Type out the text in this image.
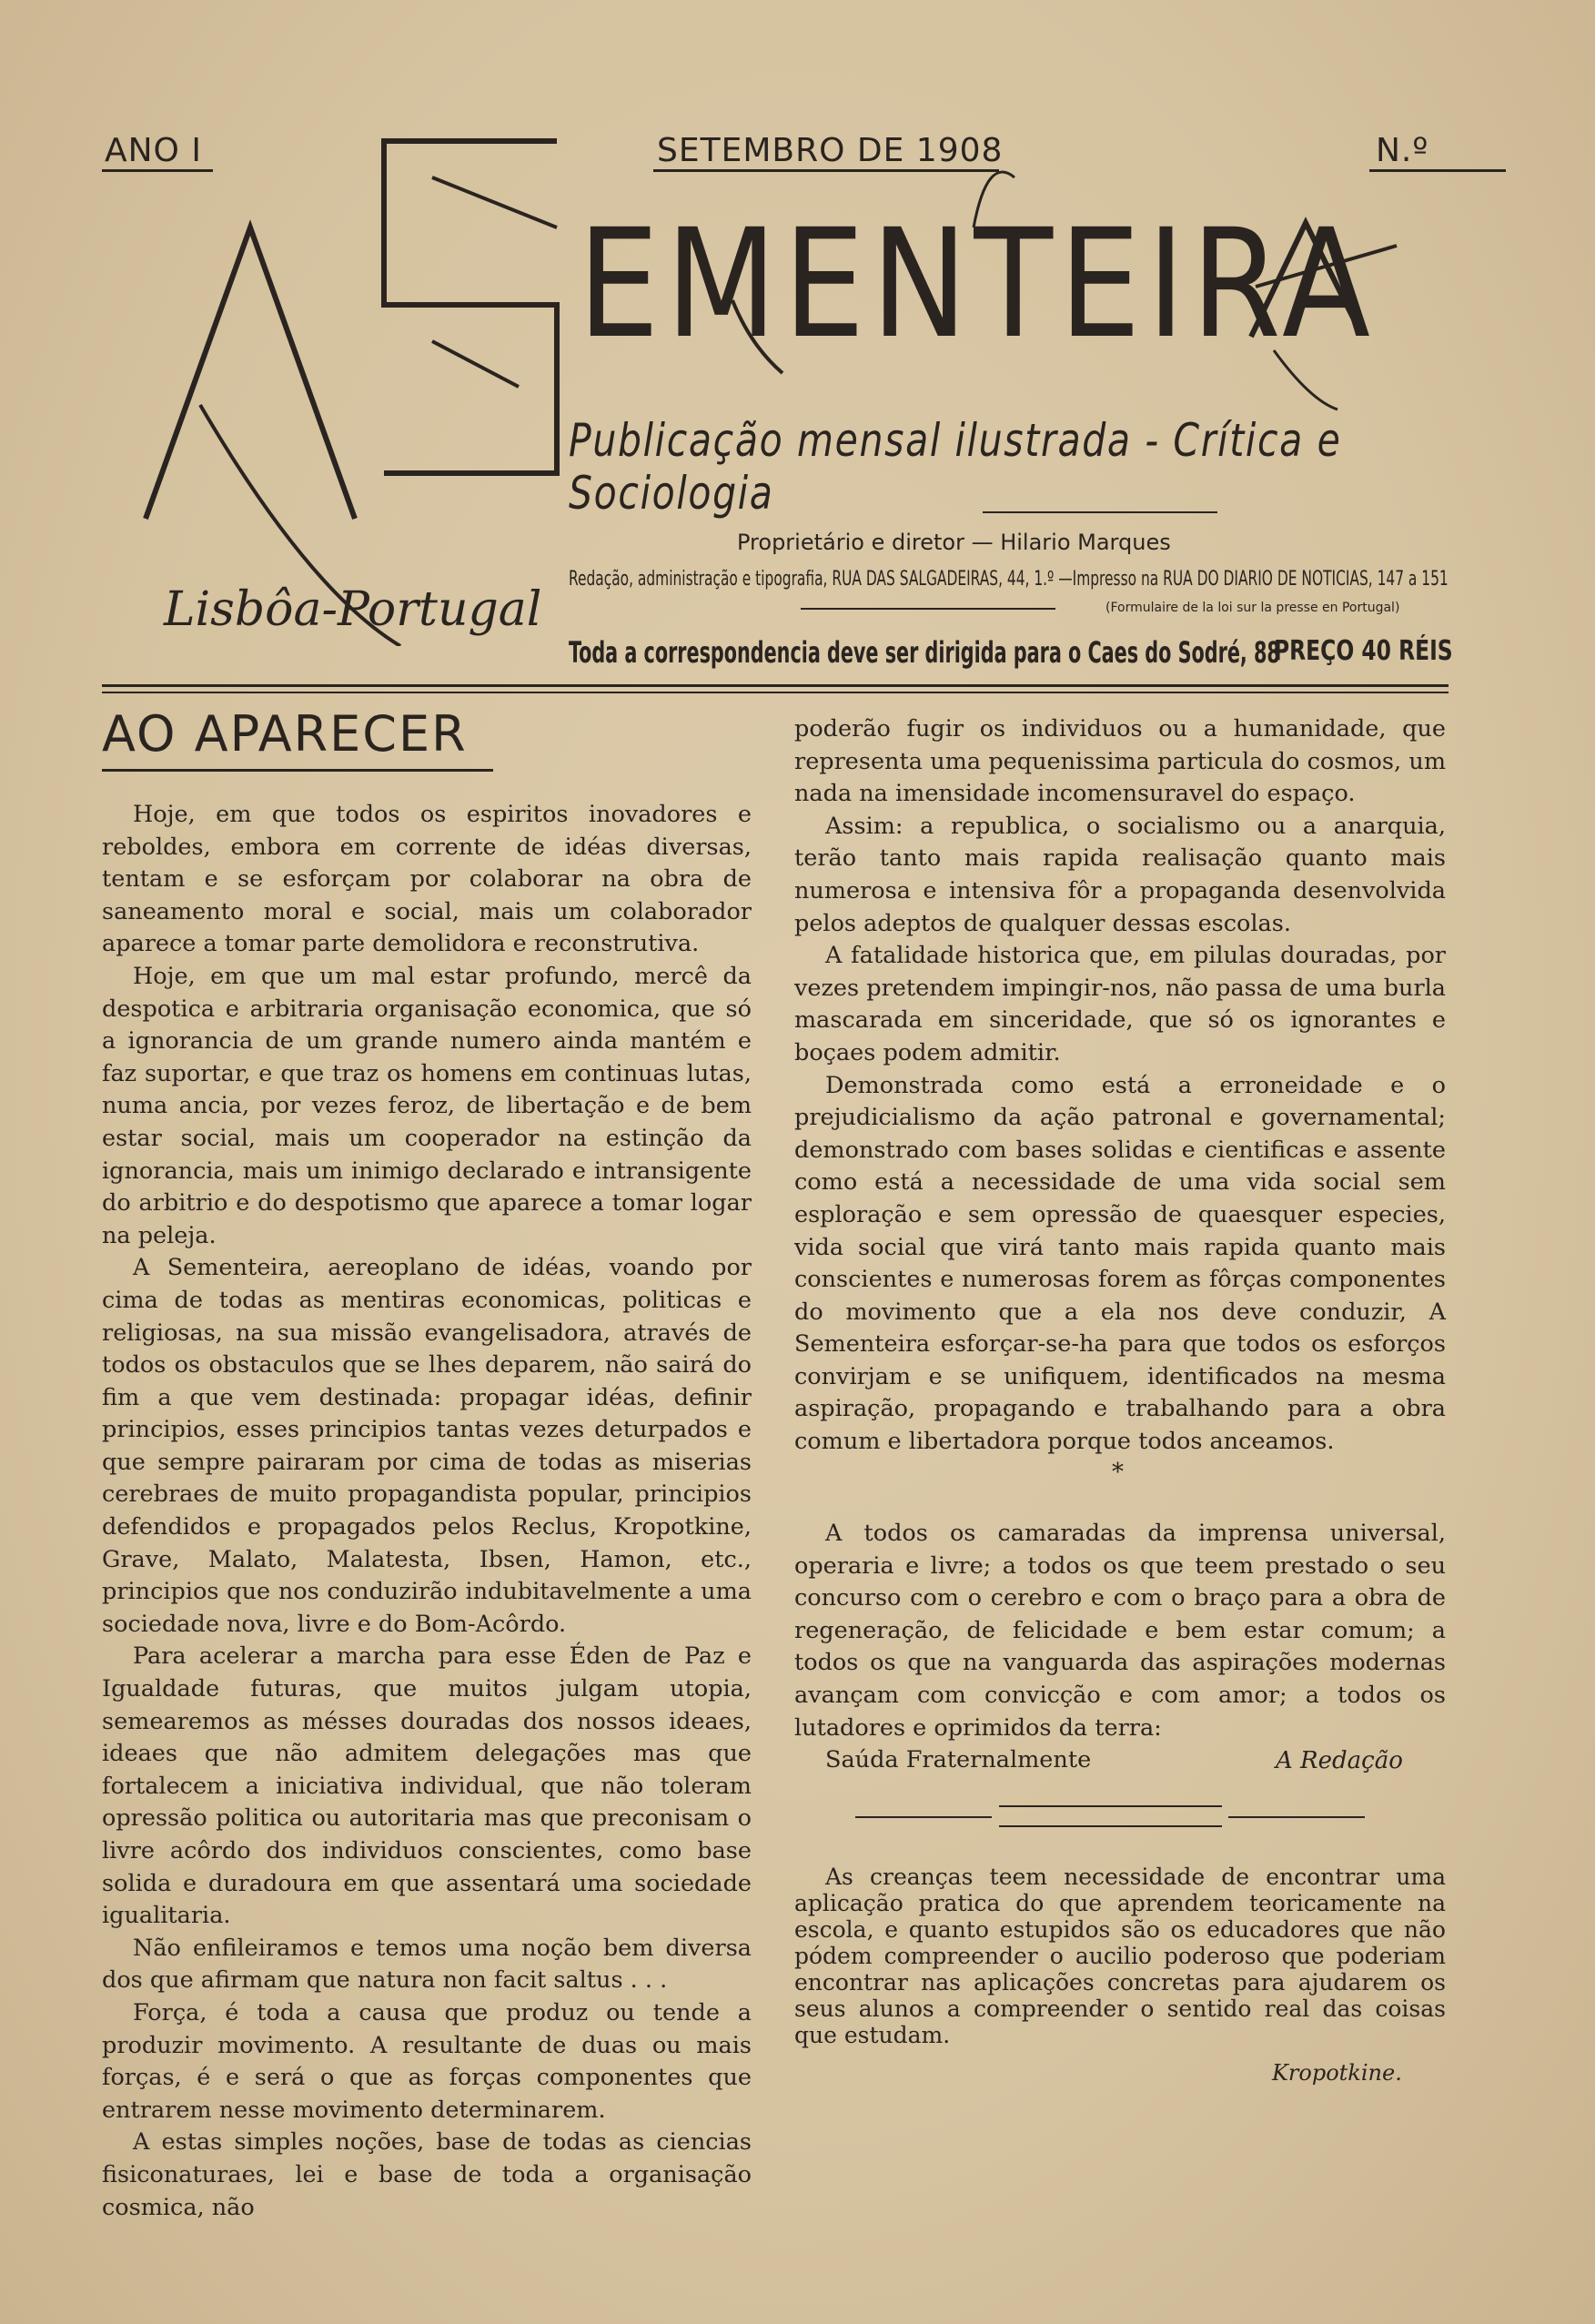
ANO I	SETEMBRO DE 1908	N.º
EMENTEIRA
Publicação mensal ilustrada - Crítica e Sociologia
Lisbôa-Portugal
Proprietário e diretor — Hilario Marques
Redação, administração e tipografia, RUA DAS SALGADEIRAS, 44, 1.º —Impresso na RUA DO DIARIO DE NOTICIAS, 147 a 151
(Formulaire de la loi sur la presse en Portugal)
Toda a correspondencia deve ser dirigida para o Caes do Sodré, 88
PREÇO 40 RÉIS
AO APARECER

Hoje, em que todos os espiritos inovadores e reboldes, embora em corrente de idéas diversas, tentam e se esforçam por colaborar na obra de saneamento moral e social, mais um colaborador aparece a tomar parte demolidora e reconstrutiva.

Hoje, em que um mal estar profundo, mercê da despotica e arbitraria organisação economica, que só a ignorancia de um grande numero ainda mantém e faz suportar, e que traz os homens em continuas lutas, numa ancia, por vezes feroz, de libertação e de bem estar social, mais um cooperador na estinção da ignorancia, mais um inimigo declarado e intransigente do arbitrio e do despotismo que aparece a tomar logar na peleja.

A Sementeira, aereoplano de idéas, voando por cima de todas as mentiras economicas, politicas e religiosas, na sua missão evangelisadora, através de todos os obstaculos que se lhes deparem, não sairá do fim a que vem destinada: propagar idéas, definir principios, esses principios tantas vezes deturpados e que sempre pairaram por cima de todas as miserias cerebraes de muito propagandista popular, principios defendidos e propagados pelos Reclus, Kropotkine, Grave, Malato, Malatesta, Ibsen, Hamon, etc., principios que nos conduzirão indubitavelmente a uma sociedade nova, livre e do Bom-Acôrdo.

Para acelerar a marcha para esse Éden de Paz e Igualdade futuras, que muitos julgam utopia, semearemos as mésses douradas dos nossos ideaes, ideaes que não admitem delegações mas que fortalecem a iniciativa individual, que não toleram opressão politica ou autoritaria mas que preconisam o livre acôrdo dos individuos conscientes, como base solida e duradoura em que assentará uma sociedade igualitaria.

Não enfileiramos e temos uma noção bem diversa dos que afirmam que natura non facit saltus . . .

Força, é toda a causa que produz ou tende a produzir movimento. A resultante de duas ou mais forças, é e será o que as forças componentes que entrarem nesse movimento determinarem.

A estas simples noções, base de todas as ciencias fisiconaturaes, lei e base de toda a organisação cosmica, não

poderão fugir os individuos ou a humanidade, que representa uma pequenissima particula do cosmos, um nada na imensidade incomensuravel do espaço.

Assim: a republica, o socialismo ou a anarquia, terão tanto mais rapida realisação quanto mais numerosa e intensiva fôr a propaganda desenvolvida pelos adeptos de qualquer dessas escolas.

A fatalidade historica que, em pilulas douradas, por vezes pretendem impingir-nos, não passa de uma burla mascarada em sinceridade, que só os ignorantes e boçaes podem admitir.

Demonstrada como está a erroneidade e o prejudicialismo da ação patronal e governamental; demonstrado com bases solidas e cientificas e assente como está a necessidade de uma vida social sem esploração e sem opressão de quaesquer especies, vida social que virá tanto mais rapida quanto mais conscientes e numerosas forem as fôrças componentes do movimento que a ela nos deve conduzir, A Sementeira esforçar-se-ha para que todos os esforços convirjam e se unifiquem, identificados na mesma aspiração, propagando e trabalhando para a obra comum e libertadora porque todos anceamos.

*

A todos os camaradas da imprensa universal, operaria e livre; a todos os que teem prestado o seu concurso com o cerebro e com o braço para a obra de regeneração, de felicidade e bem estar comum; a todos os que na vanguarda das aspirações modernas avançam com convicção e com amor; a todos os lutadores e oprimidos da terra:

Saúda Fraternalmente	A Redação

As creanças teem necessidade de encontrar uma aplicação pratica do que aprendem teoricamente na escola, e quanto estupidos são os educadores que não pódem compreender o aucilio poderoso que poderiam encontrar nas aplicações concretas para ajudarem os seus alunos a compreender o sentido real das coisas que estudam.

Kropotkine.
